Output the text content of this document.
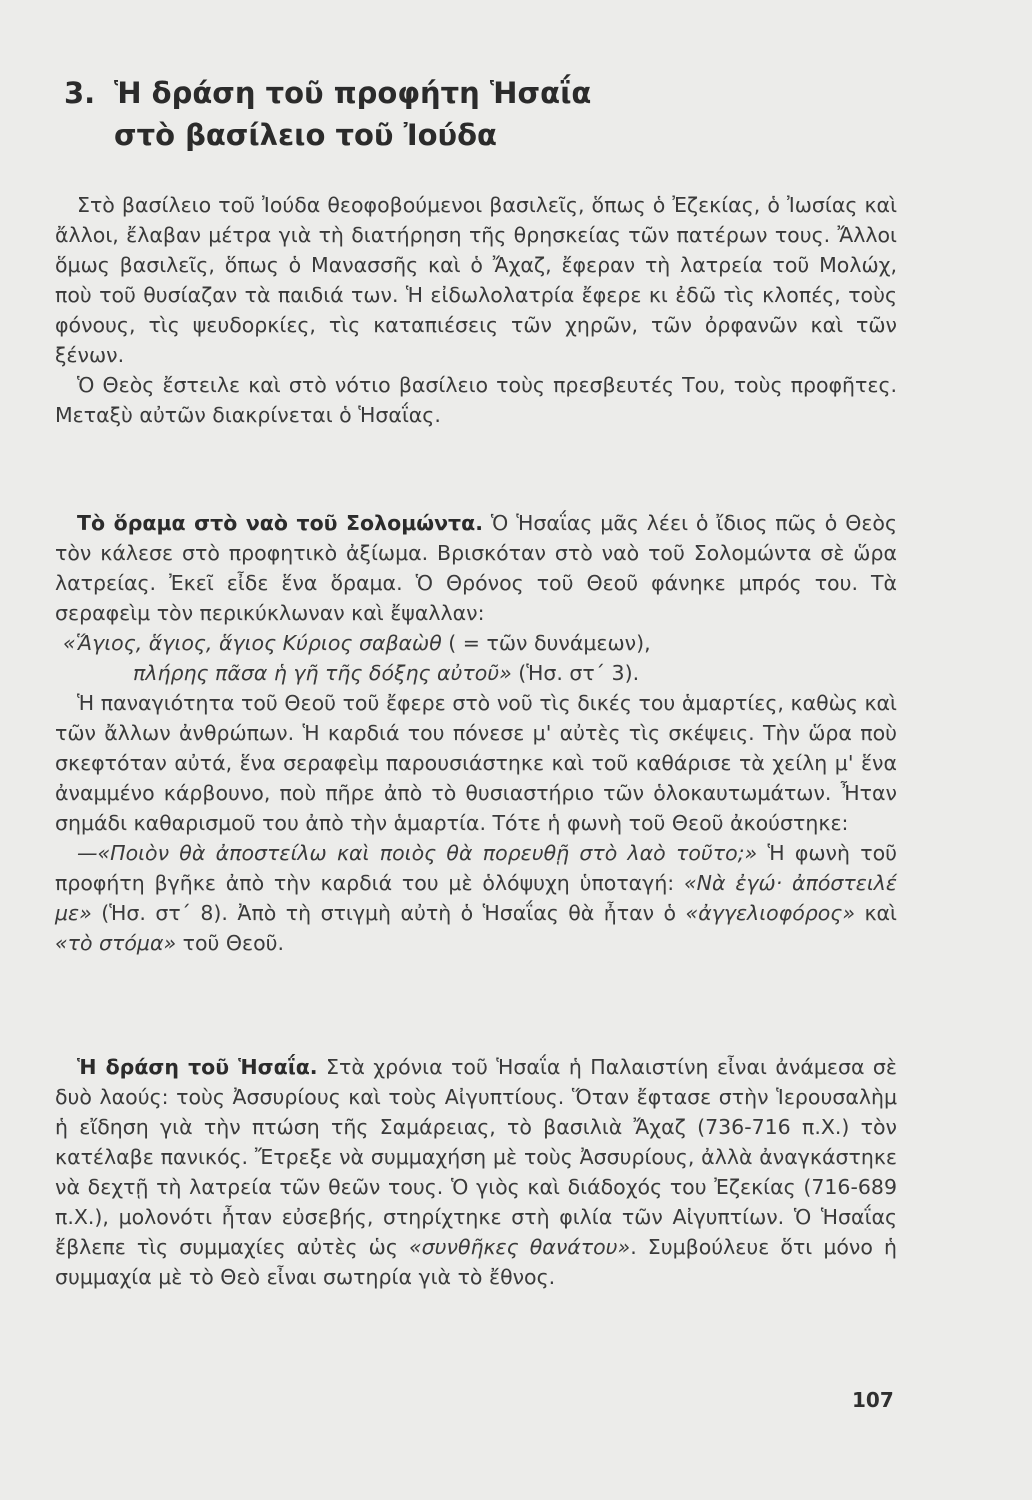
3. Ἡ δράση τοῦ προφήτη Ἡσαΐα
στὸ βασίλειο τοῦ Ἰούδα

Στὸ βασίλειο τοῦ Ἰούδα θεοφοβούμενοι βασιλεῖς, ὅπως ὁ Ἐζεκίας, ὁ Ἰωσίας καὶ ἄλλοι, ἔλαβαν μέτρα γιὰ τὴ διατήρηση τῆς θρησκείας τῶν πατέρων τους. Ἄλλοι ὅμως βασιλεῖς, ὅπως ὁ Μανασσῆς καὶ ὁ Ἄχαζ, ἔφεραν τὴ λατρεία τοῦ Μολώχ, ποὺ τοῦ θυσίαζαν τὰ παιδιά των. Ἡ εἰδωλολατρία ἔφερε κι ἐδῶ τὶς κλοπές, τοὺς φόνους, τὶς ψευδορκίες, τὶς καταπιέσεις τῶν χηρῶν, τῶν ὀρφανῶν καὶ τῶν ξένων.

Ὁ Θεὸς ἔστειλε καὶ στὸ νότιο βασίλειο τοὺς πρεσβευτές Του, τοὺς προφῆτες. Μεταξὺ αὐτῶν διακρίνεται ὁ Ἡσαΐας.

Τὸ ὅραμα στὸ ναὸ τοῦ Σολομώντα. Ὁ Ἡσαΐας μᾶς λέει ὁ ἴδιος πῶς ὁ Θεὸς τὸν κάλεσε στὸ προφητικὸ ἀξίωμα. Βρισκόταν στὸ ναὸ τοῦ Σολομώντα σὲ ὥρα λατρείας. Ἐκεῖ εἶδε ἕνα ὅραμα. Ὁ Θρόνος τοῦ Θεοῦ φάνηκε μπρός του. Τὰ σεραφεὶμ τὸν περικύκλωναν καὶ ἔψαλλαν:

«Ἅγιος, ἅγιος, ἅγιος Κύριος σαβαὼθ ( = τῶν δυνάμεων),

πλήρης πᾶσα ἡ γῆ τῆς δόξης αὐτοῦ» (Ἡσ. στ΄ 3).

Ἡ παναγιότητα τοῦ Θεοῦ τοῦ ἔφερε στὸ νοῦ τὶς δικές του ἁμαρτίες, καθὼς καὶ τῶν ἄλλων ἀνθρώπων. Ἡ καρδιά του πόνεσε μ' αὐτὲς τὶς σκέψεις. Τὴν ὥρα ποὺ σκεφτόταν αὐτά, ἕνα σεραφεὶμ παρουσιάστηκε καὶ τοῦ καθάρισε τὰ χείλη μ' ἕνα ἀναμμένο κάρβουνο, ποὺ πῆρε ἀπὸ τὸ θυσιαστήριο τῶν ὁλοκαυτωμάτων. Ἦταν σημάδι καθαρισμοῦ του ἀπὸ τὴν ἁμαρτία. Τότε ἡ φωνὴ τοῦ Θεοῦ ἀκούστηκε:

—«Ποιὸν θὰ ἀποστείλω καὶ ποιὸς θὰ πορευθῇ στὸ λαὸ τοῦτο;» Ἡ φωνὴ τοῦ προφήτη βγῆκε ἀπὸ τὴν καρδιά του μὲ ὁλόψυχη ὑποταγή: «Νὰ ἐγώ· ἀπόστειλέ με» (Ἡσ. στ΄ 8). Ἀπὸ τὴ στιγμὴ αὐτὴ ὁ Ἡσαΐας θὰ ἦταν ὁ «ἀγγελιοφόρος» καὶ «τὸ στόμα» τοῦ Θεοῦ.

Ἡ δράση τοῦ Ἡσαΐα. Στὰ χρόνια τοῦ Ἡσαΐα ἡ Παλαιστίνη εἶναι ἀνάμεσα σὲ δυὸ λαούς: τοὺς Ἀσσυρίους καὶ τοὺς Αἰγυπτίους. Ὅταν ἔφτασε στὴν Ἱερουσαλὴμ ἡ εἴδηση γιὰ τὴν πτώση τῆς Σαμάρειας, τὸ βασιλιὰ Ἄχαζ (736-716 π.Χ.) τὸν κατέλαβε πανικός. Ἔτρεξε νὰ συμμαχήση μὲ τοὺς Ἀσσυρίους, ἀλλὰ ἀναγκάστηκε νὰ δεχτῇ τὴ λατρεία τῶν θεῶν τους. Ὁ γιὸς καὶ διάδοχός του Ἐζεκίας (716-689 π.Χ.), μολονότι ἦταν εὐσεβής, στηρίχτηκε στὴ φιλία τῶν Αἰγυπτίων. Ὁ Ἡσαΐας ἔβλεπε τὶς συμμαχίες αὐτὲς ὡς «συνθῆκες θανάτου». Συμβούλευε ὅτι μόνο ἡ συμμαχία μὲ τὸ Θεὸ εἶναι σωτηρία γιὰ τὸ ἔθνος.

107
